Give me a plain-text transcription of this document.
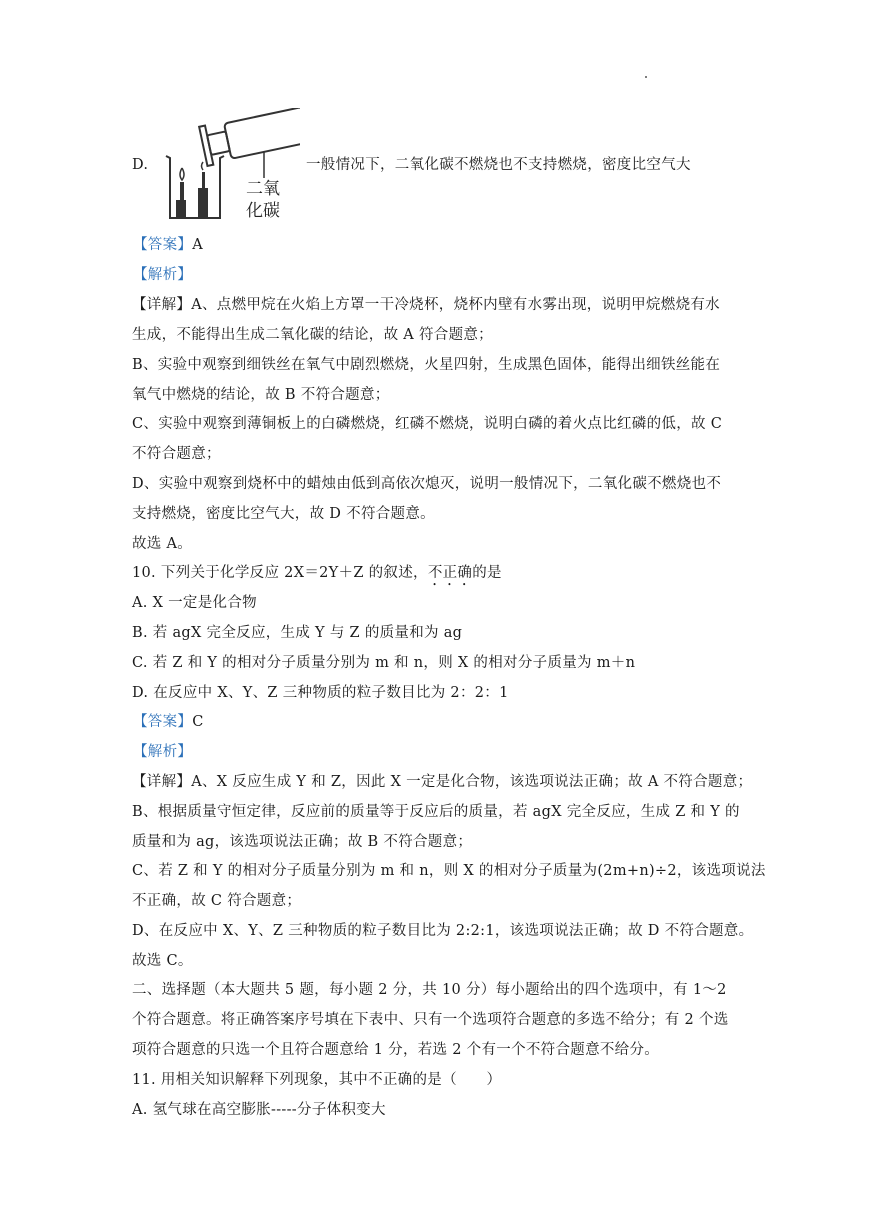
D.
二氧
化碳
一般情况下，二氧化碳不燃烧也不支持燃烧，密度比空气大
【答案】A
【解析】
【详解】A、点燃甲烷在火焰上方罩一干冷烧杯，烧杯内壁有水雾出现，说明甲烷燃烧有水
生成，不能得出生成二氧化碳的结论，故 A 符合题意；
B、实验中观察到细铁丝在氧气中剧烈燃烧，火星四射，生成黑色固体，能得出细铁丝能在
氧气中燃烧的结论，故 B 不符合题意；
C、实验中观察到薄铜板上的白磷燃烧，红磷不燃烧，说明白磷的着火点比红磷的低，故 C
不符合题意；
D、实验中观察到烧杯中的蜡烛由低到高依次熄灭，说明一般情况下，二氧化碳不燃烧也不
支持燃烧，密度比空气大，故 D 不符合题意。
故选 A。
10. 下列关于化学反应 2X＝2Y＋Z 的叙述，不正确的是
A. X 一定是化合物
B. 若 agX 完全反应，生成 Y 与 Z 的质量和为 ag
C. 若 Z 和 Y 的相对分子质量分别为 m 和 n，则 X 的相对分子质量为 m＋n
D. 在反应中 X、Y、Z 三种物质的粒子数目比为 2：2：1
【答案】C
【解析】
【详解】A、X 反应生成 Y 和 Z，因此 X 一定是化合物，该选项说法正确；故 A 不符合题意；
B、根据质量守恒定律，反应前的质量等于反应后的质量，若 agX 完全反应，生成 Z 和 Y 的
质量和为 ag，该选项说法正确；故 B 不符合题意；
C、若 Z 和 Y 的相对分子质量分别为 m 和 n，则 X 的相对分子质量为(2m+n)÷2，该选项说法
不正确，故 C 符合题意；
D、在反应中 X、Y、Z 三种物质的粒子数目比为 2:2:1，该选项说法正确；故 D 不符合题意。
故选 C。
二、选择题（本大题共 5 题，每小题 2 分，共 10 分）每小题给出的四个选项中，有 1～2
个符合题意。将正确答案序号填在下表中、只有一个选项符合题意的多选不给分；有 2 个选
项符合题意的只选一个且符合题意给 1 分，若选 2 个有一个不符合题意不给分。
11. 用相关知识解释下列现象，其中不正确的是（　　）
A. 氢气球在高空膨胀-----分子体积变大
